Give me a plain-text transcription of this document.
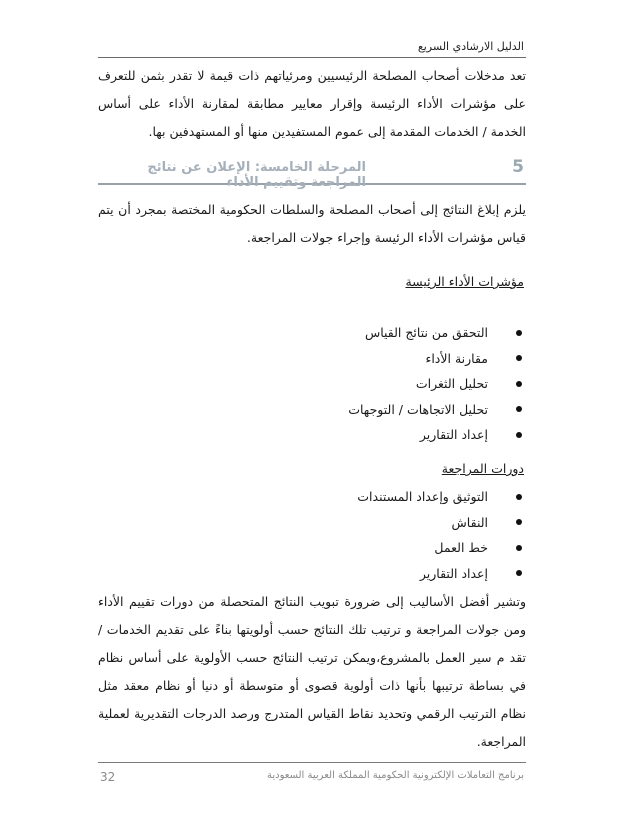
الدليل الارشادي السريع

تعد مدخلات أصحاب المصلحة الرئيسيين ومرئياتهم ذات قيمة لا تقدر بثمن للتعرف على مؤشرات الأداء الرئيسة وإقرار معايير مطابقة لمقارنة الأداء على أساس الخدمة / الخدمات المقدمة إلى عموم المستفيدين منها أو المستهدفين بها.

5
المرحلة الخامسة: الإعلان عن نتائج المراجعة وتقييم الأداء

يلزم إبلاغ النتائج إلى أصحاب المصلحة والسلطات الحكومية المختصة بمجرد أن يتم قياس مؤشرات الأداء الرئيسة وإجراء جولات المراجعة.

مؤشرات الأداء الرئيسة
التحقق من نتائج القياس
مقارنة الأداء
تحليل الثغرات
تحليل الاتجاهات / التوجهات
إعداد التقارير
دورات المراجعة
التوثيق وإعداد المستندات
النقاش
خط العمل
إعداد التقارير

وتشير أفضل الأساليب إلى ضرورة تبويب النتائج المتحصلة من دورات تقييم الأداء ومن جولات المراجعة و ترتيب تلك النتائج حسب أولويتها بناءً على تقديم الخدمات / تقد م سير العمل بالمشروع،ويمكن ترتيب النتائج حسب الأولوية على أساس نظام في بساطة ترتيبها بأنها ذات أولوية قصوى أو متوسطة أو دنيا أو نظام معقد مثل نظام الترتيب الرقمي وتحديد نقاط القياس المتدرج ورصد الدرجات التقديرية لعملية المراجعة.

برنامج التعاملات الإلكترونية الحكومية المملكة العربية السعودية
32
